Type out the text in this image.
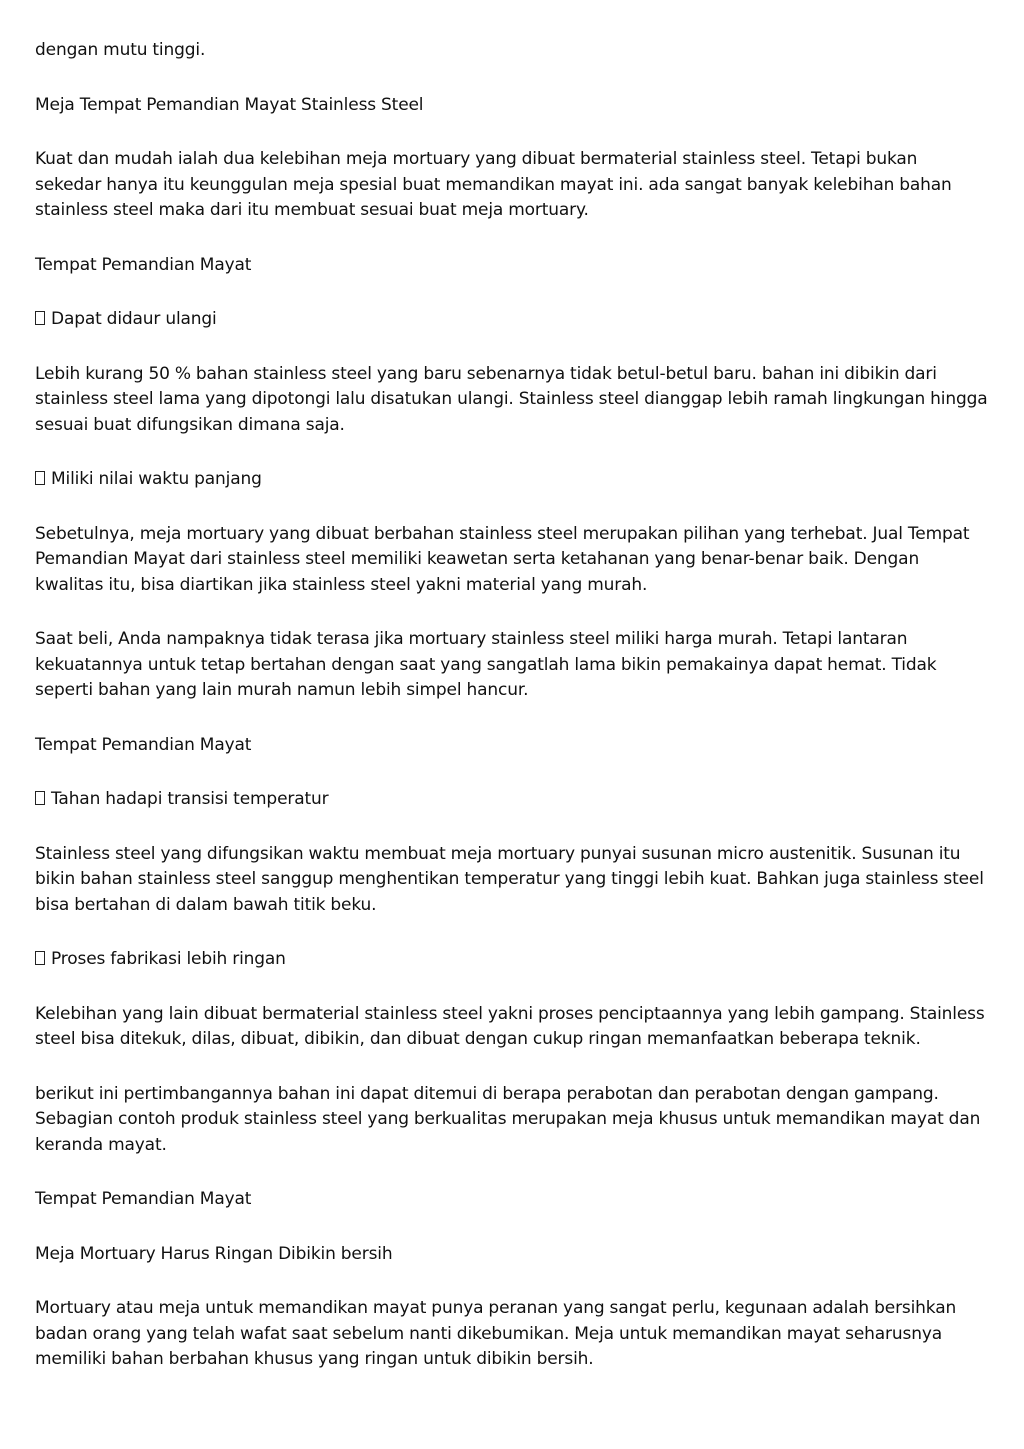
dengan mutu tinggi.

Meja Tempat Pemandian Mayat Stainless Steel

Kuat dan mudah ialah dua kelebihan meja mortuary yang dibuat bermaterial stainless steel. Tetapi bukan sekedar hanya itu keunggulan meja spesial buat memandikan mayat ini. ada sangat banyak kelebihan bahan stainless steel maka dari itu membuat sesuai buat meja mortuary.

Tempat Pemandian Mayat

Dapat didaur ulangi

Lebih kurang 50 % bahan stainless steel yang baru sebenarnya tidak betul-betul baru. bahan ini dibikin dari stainless steel lama yang dipotongi lalu disatukan ulangi. Stainless steel dianggap lebih ramah lingkungan hingga sesuai buat difungsikan dimana saja.

Miliki nilai waktu panjang

Sebetulnya, meja mortuary yang dibuat berbahan stainless steel merupakan pilihan yang terhebat. Jual Tempat Pemandian Mayat dari stainless steel memiliki keawetan serta ketahanan yang benar-benar baik. Dengan kwalitas itu, bisa diartikan jika stainless steel yakni material yang murah.

Saat beli, Anda nampaknya tidak terasa jika mortuary stainless steel miliki harga murah. Tetapi lantaran kekuatannya untuk tetap bertahan dengan saat yang sangatlah lama bikin pemakainya dapat hemat. Tidak seperti bahan yang lain murah namun lebih simpel hancur.

Tempat Pemandian Mayat

Tahan hadapi transisi temperatur

Stainless steel yang difungsikan waktu membuat meja mortuary punyai susunan micro austenitik. Susunan itu bikin bahan stainless steel sanggup menghentikan temperatur yang tinggi lebih kuat. Bahkan juga stainless steel bisa bertahan di dalam bawah titik beku.

Proses fabrikasi lebih ringan

Kelebihan yang lain dibuat bermaterial stainless steel yakni proses penciptaannya yang lebih gampang. Stainless steel bisa ditekuk, dilas, dibuat, dibikin, dan dibuat dengan cukup ringan memanfaatkan beberapa teknik.

berikut ini pertimbangannya bahan ini dapat ditemui di berapa perabotan dan perabotan dengan gampang. Sebagian contoh produk stainless steel yang berkualitas merupakan meja khusus untuk memandikan mayat dan keranda mayat.

Tempat Pemandian Mayat

Meja Mortuary Harus Ringan Dibikin bersih

Mortuary atau meja untuk memandikan mayat punya peranan yang sangat perlu, kegunaan adalah bersihkan badan orang yang telah wafat saat sebelum nanti dikebumikan. Meja untuk memandikan mayat seharusnya memiliki bahan berbahan khusus yang ringan untuk dibikin bersih.
